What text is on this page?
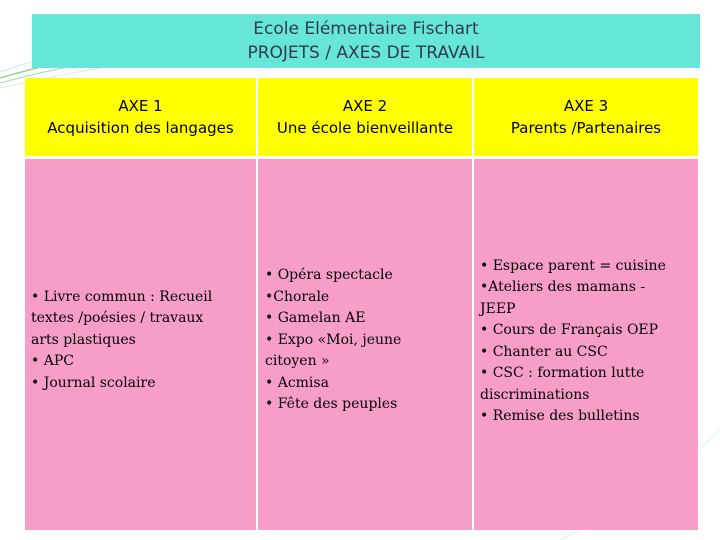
Ecole Elémentaire Fischart
PROJETS / AXES DE TRAVAIL
AXE 1
Acquisition des langages
AXE 2
Une école bienveillante
AXE 3
Parents /Partenaires
• Livre commun : Recueil
textes /poésies / travaux
arts plastiques
• APC
• Journal scolaire
• Opéra spectacle
•Chorale
• Gamelan AE
• Expo «Moi, jeune
citoyen »
• Acmisa
• Fête des peuples
• Espace parent = cuisine
•Ateliers des mamans -
JEEP
• Cours de Français OEP
• Chanter au CSC
• CSC : formation lutte
discriminations
• Remise des bulletins
